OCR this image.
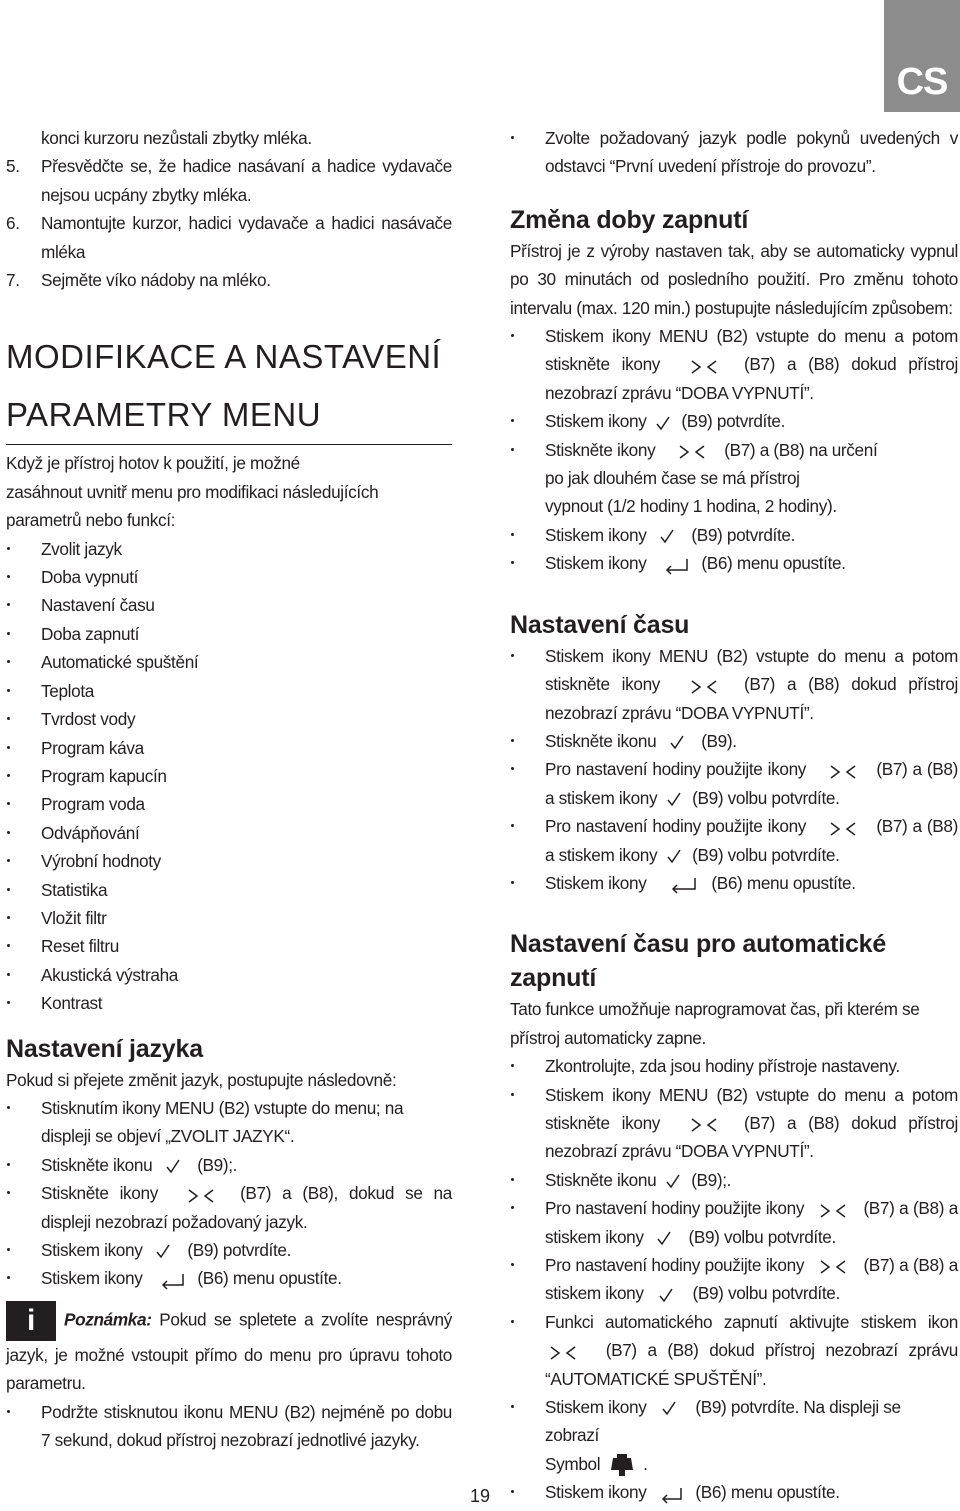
CS

konci kurzoru nezůstali zbytky mléka.

5.	Přesvědčte se, že hadice nasávaní a hadice vydavače nejsou ucpány zbytky mléka.
6.	Namontujte kurzor, hadici vydavače a hadici nasávače mléka
7.	Sejměte víko nádoby na mléko.

MODIFIKACE A NASTAVENÍ

PARAMETRY MENU

Když je přístroj hotov k použití, je možné

zasáhnout uvnitř menu pro modifikaci následujících parametrů nebo funkcí:

Zvolit jazyk
Doba vypnutí
Nastavení času
Doba zapnutí
Automatické spuštění
Teplota
Tvrdost vody
Program káva
Program kapucín
Program voda
Odvápňování
Výrobní hodnoty
Statistika
Vložit filtr
Reset filtru
Akustická výstraha
Kontrast
Nastavení jazyka

Pokud si přejete změnit jazyk, postupujte následovně:

Stisknutím ikony MENU (B2) vstupte do menu; na displeji se objeví „ZVOLIT JAZYK“.
Stiskněte ikonu	(B9);.
Stiskněte ikony	(B7) a (B8), dokud se na displeji nezobrazí požadovaný jazyk.
Stiskem ikony	(B9) potvrdíte.
Stiskem ikony	(B6) menu opustíte.

i Poznámka: Pokud se spletete a zvolíte nesprávný jazyk, je možné vstoupit přímo do menu pro úpravu tohoto parametru.

Podržte stisknutou ikonu MENU (B2) nejméně po dobu 7 sekund, dokud přístroj nezobrazí jednotlivé jazyky.
Zvolte požadovaný jazyk podle pokynů uvedených v odstavci “První uvedení přístroje do provozu”.
Změna doby zapnutí

Přístroj je z výroby nastaven tak, aby se automaticky vypnul po 30 minutách od posledního použití. Pro změnu tohoto intervalu (max. 120 min.) postupujte následujícím způsobem:

Stiskem ikony MENU (B2) vstupte do menu a potom stiskněte ikony	(B7) a (B8) dokud přístroj nezobrazí zprávu “DOBA VYPNUTÍ”.
Stiskem ikony (B9) potvrdíte.
Stiskněte ikony	(B7) a (B8) na určení
po jak dlouhém čase se má přístroj
vypnout (1/2 hodiny 1 hodina, 2 hodiny).
Stiskem ikony	(B9) potvrdíte.
Stiskem ikony	(B6) menu opustíte.
Nastavení času
Stiskem ikony MENU (B2) vstupte do menu a potom stiskněte ikony	(B7) a (B8) dokud přístroj nezobrazí zprávu “DOBA VYPNUTÍ”.
Stiskněte ikonu	(B9).
Pro nastavení hodiny použijte ikony	(B7) a (B8) a stiskem ikony (B9) volbu potvrdíte.
Pro nastavení hodiny použijte ikony	(B7) a (B8) a stiskem ikony (B9) volbu potvrdíte.
Stiskem ikony	(B6) menu opustíte.
Nastavení času pro automatické zapnutí

Tato funkce umožňuje naprogramovat čas, při kterém se přístroj automaticky zapne.

Zkontrolujte, zda jsou hodiny přístroje nastaveny.
Stiskem ikony MENU (B2) vstupte do menu a potom stiskněte ikony	(B7) a (B8) dokud přístroj nezobrazí zprávu “DOBA VYPNUTÍ”.
Stiskněte ikonu (B9);.
Pro nastavení hodiny použijte ikony	(B7) a (B8) a stiskem ikony	(B9) volbu potvrdíte.
Pro nastavení hodiny použijte ikony	(B7) a (B8) a stiskem ikony	(B9) volbu potvrdíte.
Funkci automatického zapnutí aktivujte stiskem ikon  (B7) a (B8) dokud přístroj nezobrazí zprávu “AUTOMATICKÉ SPUŠTĚNÍ”.
Stiskem ikony	(B9) potvrdíte. Na displeji se zobrazí
Symbol .
Stiskem ikony	(B6) menu opustíte.
19
